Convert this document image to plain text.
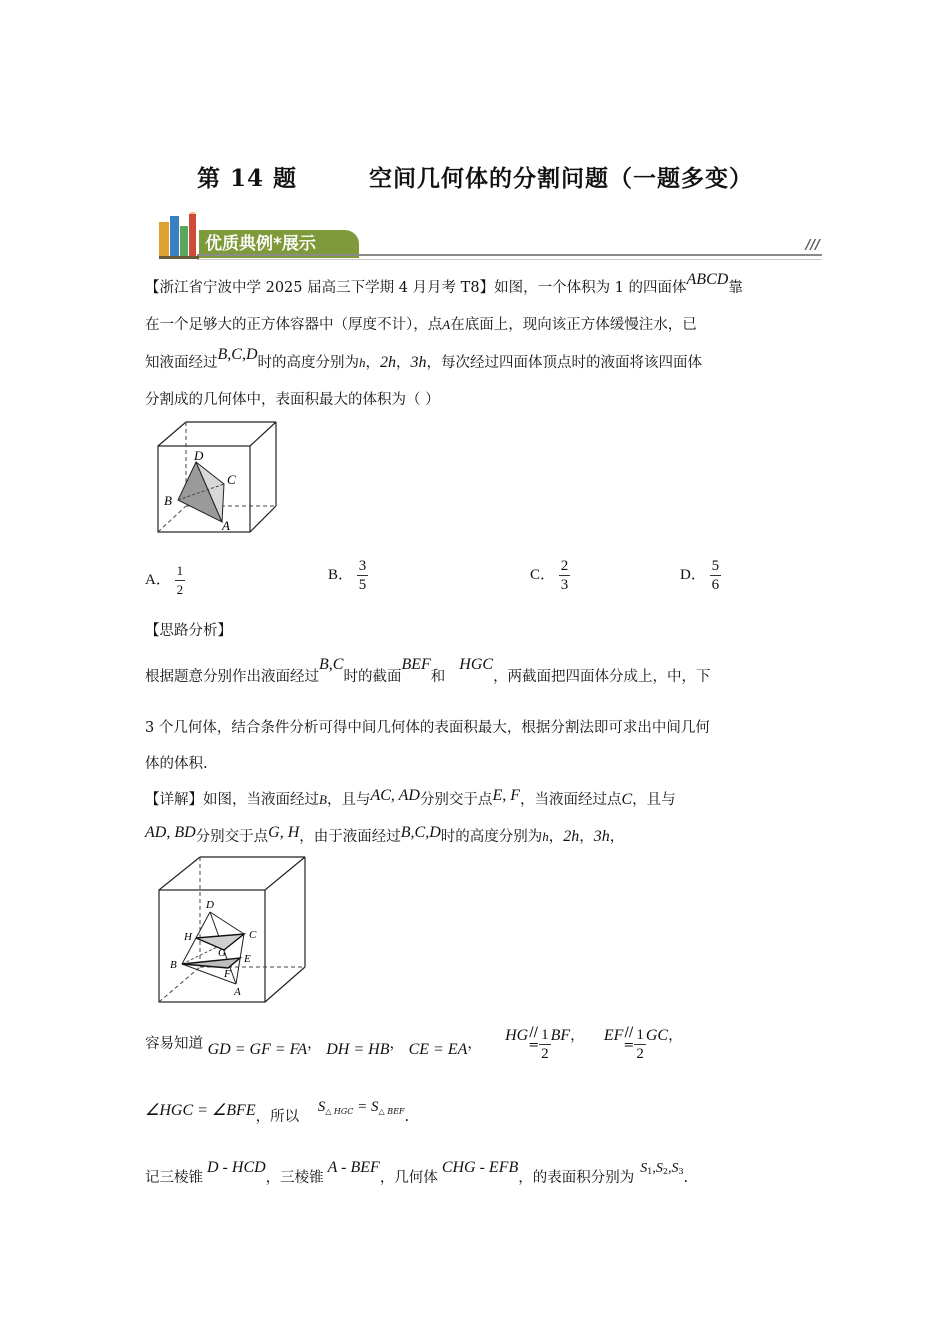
第 14 题        空间几何体的分割问题（一题多变）
优质典例*展示	///
【浙江省宁波中学 2025 届高三下学期 4 月月考 T8】如图，一个体积为 1 的四面体ABCD靠
在一个足够大的正方体容器中（厚度不计），点A在底面上，现向该正方体缓慢注水，已
知液面经过B,C,D时的高度分别为h，2h，3h，每次经过四面体顶点时的液面将该四面体
分割成的几何体中，表面积最大的体积为（ ）
D
C
B
A
A． $\frac{1}{2}$	B． $\frac{3}{5}$	C． $\frac{2}{3}$	D． $\frac{5}{6}$
【思路分析】
根据题意分别作出液面经过B,C时的截面BEF和HGC，两截面把四面体分成上，中，下
3 个几何体，结合条件分析可得中间几何体的表面积最大，根据分割法即可求出中间几何
体的体积.
【详解】如图，当液面经过B，且与AC, AD分别交于点E, F，当液面经过点C，且与
AD, BD分别交于点G, H，由于液面经过B,C,D时的高度分别为h，2h，3h，
D
H	C
G
B	E
F
A
容易知道 GD = GF = FA， DH = HB， CE = EA， HG //
= $\frac{1}{2}$ BF， EF //
= $\frac{1}{2}$ GC，
∠HGC = ∠BFE，所以 $S_{\triangle HGC} = S_{\triangle BEF}$.
记三棱锥D - HCD，三棱锥A - BEF，几何体CHG - EFB，的表面积分别为S1,S2,S3.
